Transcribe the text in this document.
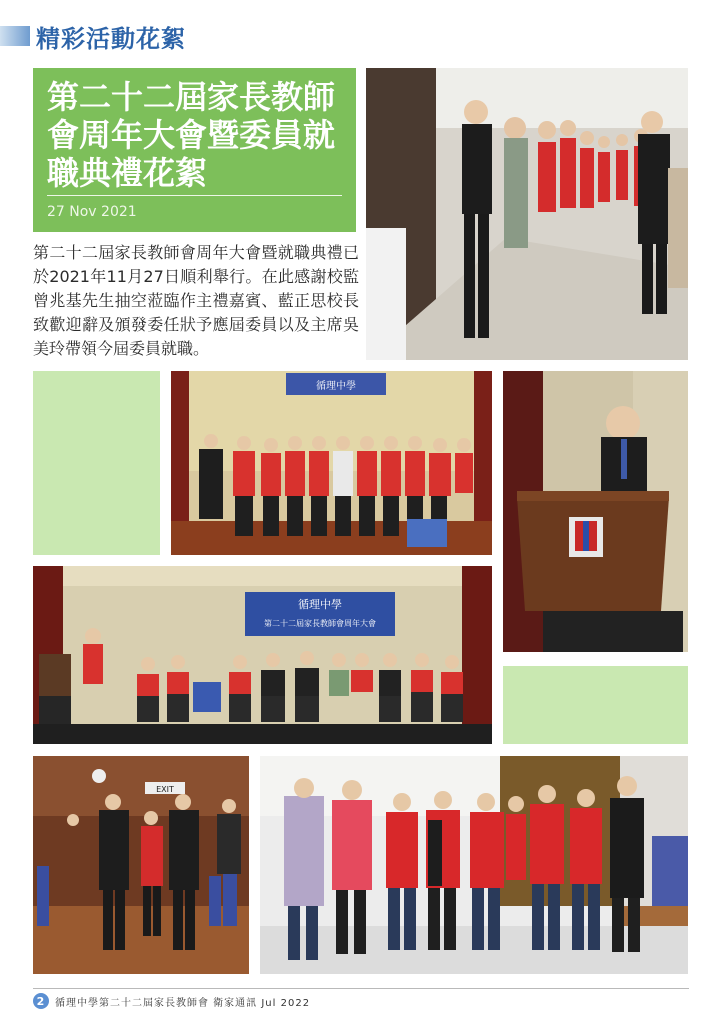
精彩活動花絮
第二十二屆家長教師會周年大會暨委員就職典禮花絮
27 Nov 2021
第二十二屆家長教師會周年大會暨就職典禮已於2021年11月27日順利舉行。在此感謝校監曾兆基先生抽空蒞臨作主禮嘉賓、藍正思校長致歡迎辭及頒發委任狀予應屆委員以及主席吳美玲帶領今屆委員就職。
循理中學
循理中學
第二十二屆家長教師會周年大會
EXIT
2 循理中學第二十二屆家長教師會 衛家通訊 Jul 2022
